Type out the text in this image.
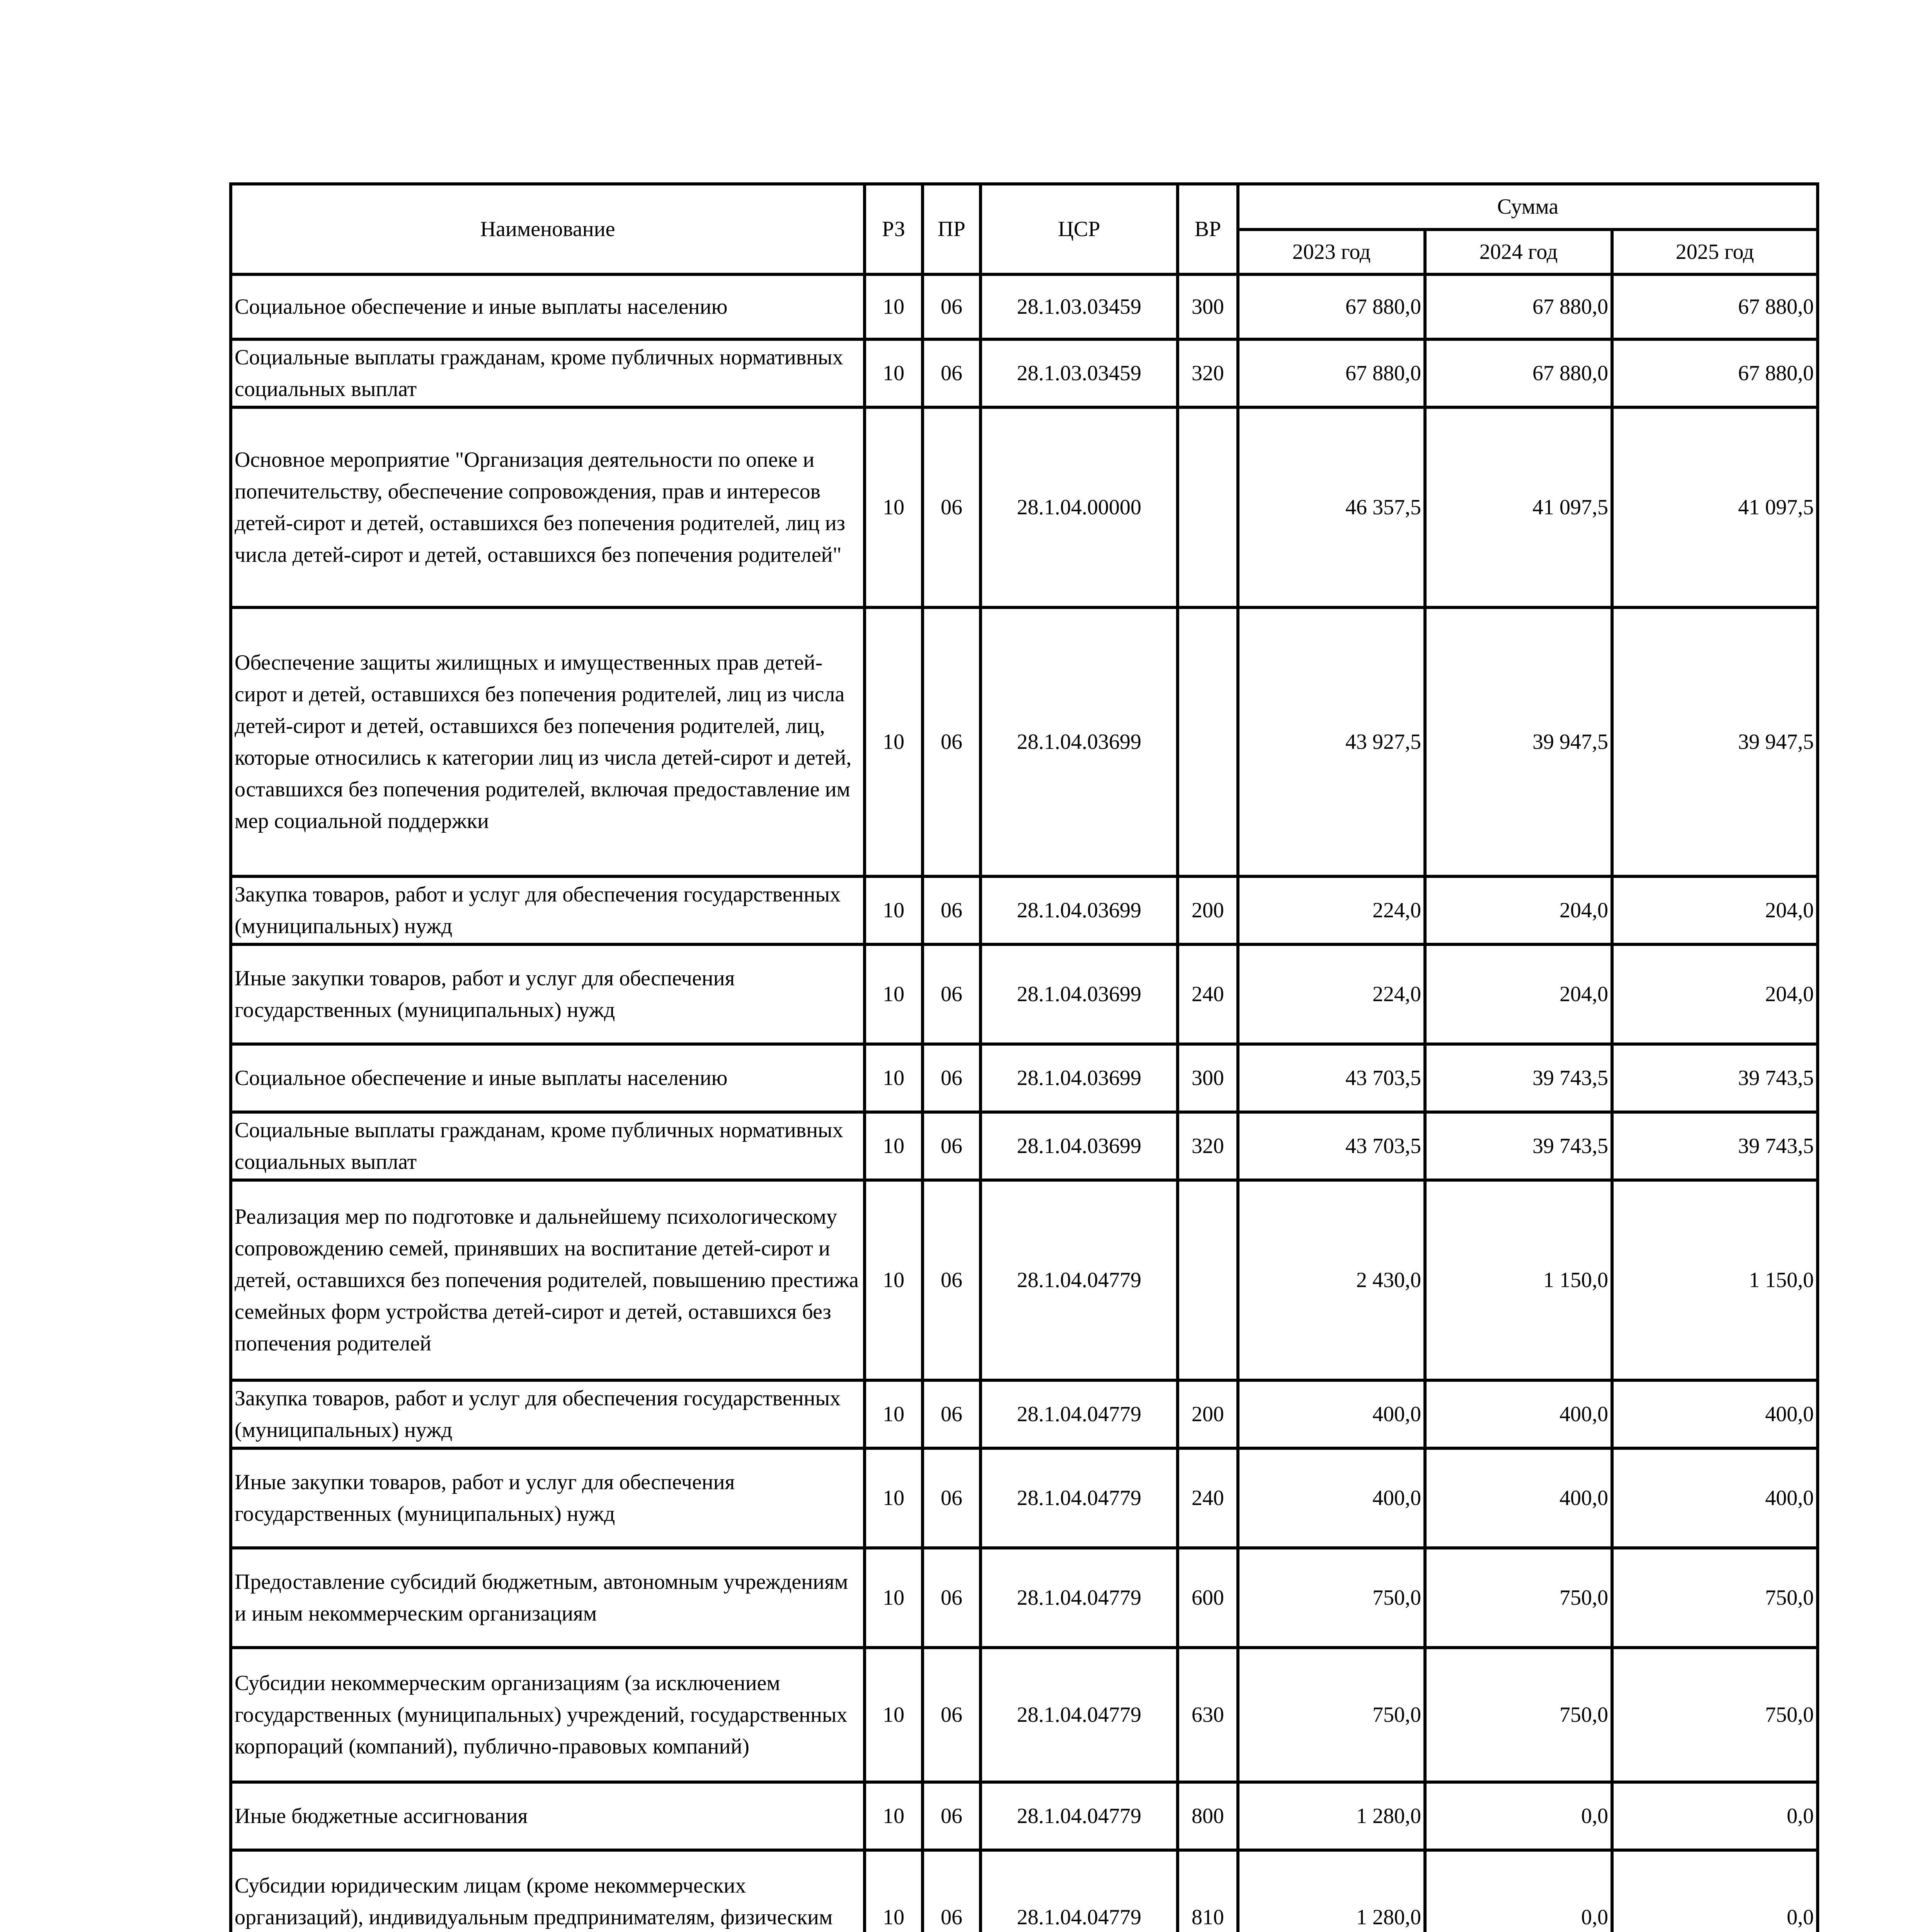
Наименование	РЗ	ПР	ЦСР	ВР	Сумма		
					2023 год	2024 год	2025 год
Социальное обеспечение и иные выплаты населению	10	06	28.1.03.03459	300	67 880,0	67 880,0	67 880,0
Социальные выплаты гражданам, кроме публичных нормативных социальных выплат	10	06	28.1.03.03459	320	67 880,0	67 880,0	67 880,0
Основное мероприятие "Организация деятельности по опеке и попечительству, обеспечение сопровождения, прав и интересов детей-сирот и детей, оставшихся без попечения родителей, лиц из числа детей-сирот и детей, оставшихся без попечения родителей"	10	06	28.1.04.00000		46 357,5	41 097,5	41 097,5
Обеспечение защиты жилищных и имущественных прав детей-сирот и детей, оставшихся без попечения родителей, лиц из числа детей-сирот и детей, оставшихся без попечения родителей, лиц, которые относились к категории лиц из числа детей-сирот и детей, оставшихся без попечения родителей, включая предоставление им мер социальной поддержки	10	06	28.1.04.03699		43 927,5	39 947,5	39 947,5
Закупка товаров, работ и услуг для обеспечения государственных (муниципальных) нужд	10	06	28.1.04.03699	200	224,0	204,0	204,0
Иные закупки товаров, работ и услуг для обеспечения государственных (муниципальных) нужд	10	06	28.1.04.03699	240	224,0	204,0	204,0
Социальное обеспечение и иные выплаты населению	10	06	28.1.04.03699	300	43 703,5	39 743,5	39 743,5
Социальные выплаты гражданам, кроме публичных нормативных социальных выплат	10	06	28.1.04.03699	320	43 703,5	39 743,5	39 743,5
Реализация мер по подготовке и дальнейшему психологическому сопровождению семей, принявших на воспитание детей-сирот и детей, оставшихся без попечения родителей, повышению престижа семейных форм устройства детей-сирот и детей, оставшихся без попечения родителей	10	06	28.1.04.04779		2 430,0	1 150,0	1 150,0
Закупка товаров, работ и услуг для обеспечения государственных (муниципальных) нужд	10	06	28.1.04.04779	200	400,0	400,0	400,0
Иные закупки товаров, работ и услуг для обеспечения государственных (муниципальных) нужд	10	06	28.1.04.04779	240	400,0	400,0	400,0
Предоставление субсидий бюджетным, автономным учреждениям и иным некоммерческим организациям	10	06	28.1.04.04779	600	750,0	750,0	750,0
Субсидии некоммерческим организациям (за исключением государственных (муниципальных) учреждений, государственных корпораций (компаний), публично-правовых компаний)	10	06	28.1.04.04779	630	750,0	750,0	750,0
Иные бюджетные ассигнования	10	06	28.1.04.04779	800	1 280,0	0,0	0,0
Субсидии юридическим лицам (кроме некоммерческих организаций), индивидуальным предпринимателям, физическим	10	06	28.1.04.04779	810	1 280,0	0,0	0,0
